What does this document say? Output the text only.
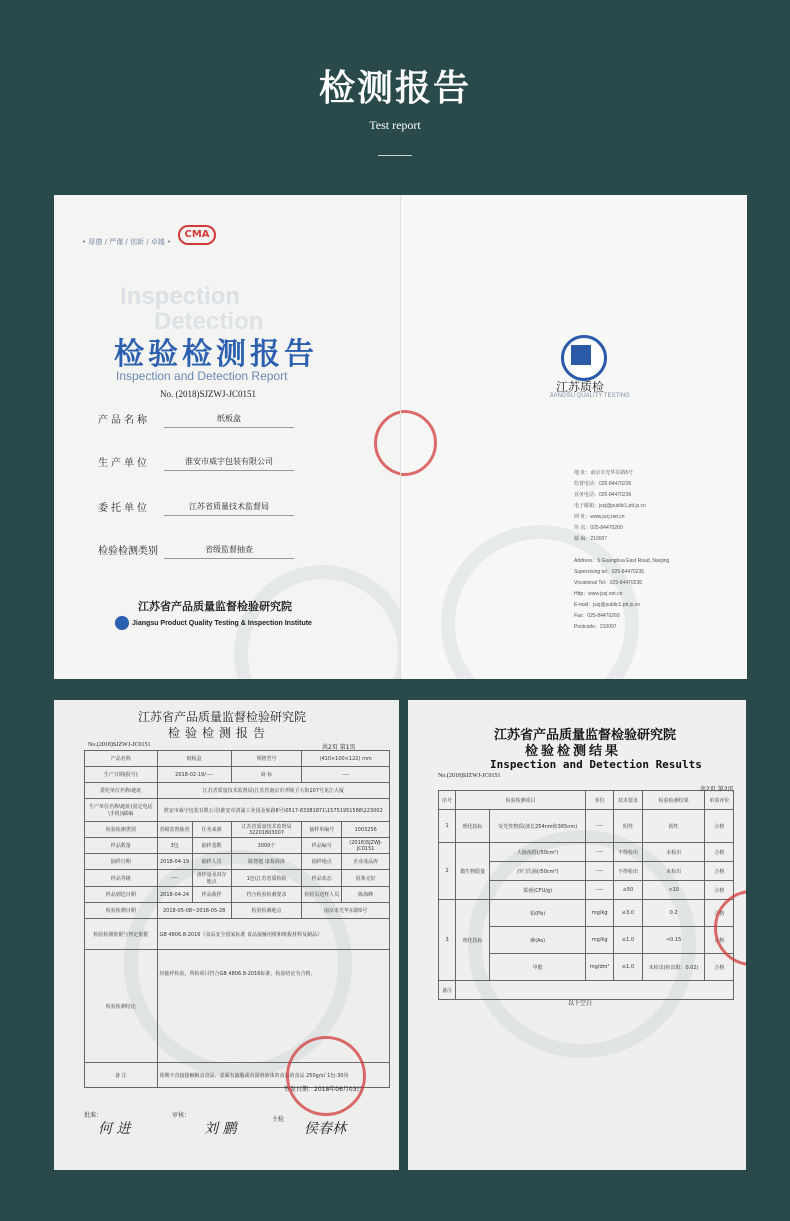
检测报告
Test report
• 厚德 / 严谨 / 创新 / 卓越 •
CMA
Inspection
Detection
检验检测报告
Inspection and Detection Report
No. (2018)SJZWJ-JC0151
产品名称	纸板盒
生产单位	淮安市威宇包装有限公司
委托单位	江苏省质量技术监督局
检验检测类别	省级监督抽查
江苏省产品质量监督检验研究院
Jiangsu Product Quality Testing & Inspection Institute
江苏质检
JIANGSU QUALITY TESTING
地 址：南京市光华东路5号
监督电话：025-84470235
业务电话：025-84470236
电子邮箱：jszj@public1.ptt.js.cn
网 址：www.jszj.net.cn
传 真：025-84470260
邮 编：210007
Address：5 Guanghua East Road, Nanjing
Supervising tel：025-84470235
Vocational Tel：025-84470236
Http：www.jszj.net.cn
E-mail：jszj@public1.ptt.js.cn
Fax：025-84470260
Postcode：210007
江苏省产品质量监督检验研究院
检验检测报告
No.(2018)SJZWJ-JC0151	共2页 第1页
产品名称	纸板盒		规格型号	(410×100×122) mm	
生产日期(批号)	2018-02-19/----		商 标	----	
委托单位名称\地址	江苏省质量技术监督局\江苏省南京市孝陵卫大街107号龙江大厦				
生产单位名称\地址(固定电话\手机)\邮编	淮安市威宇包装有限公司\淮安市清浦工业园金象路8号\0517-83381871\15751951588\223002				
检验检测类别	省级监督抽查	任务来源	江苏省质量技术监督局 32201803007	抽样单编号	1003256
样品数量	3包	抽样基数	3000个	样品编号	(2018)SJZWJ-JC0151
抽样日期	2018-04-19	抽样人员	陈智超 诸葛海涛	抽样地点	企业成品库
样品等级	----	备样量及封存地点	1包\江苏省质检院	样品状态	封条完好
样品到达日期	2018-04-24	样品收样	符合检验检测要求	检验员送样人员	陈海峰
检验检测日期	2018-05-08~2018-05-28		检验检测地点	南京市光华东路5号	
检验检测依据与判定依据	GB 4806.8-2016《食品安全国家标准 食品接触用纸和纸板材料及制品》				
检验检测结论	经抽样检验，所检项目符合GB 4806.8-2016标准，检验结论为合格。				
备 注	预期不直接接触粮食食品、表面有油脂或有湿润液体的食品的食品 250g/㎡ 1包-30块				
签发日期：2018年06月03日
批准：
何 进
审核：
刘 鹏
主检
侯春林
江苏省产品质量监督检验研究院
检验检测结果
Inspection and Detection Results
No.(2018)SJZWJ-JC0151
共2页 第2页
序号	检验检测项目		单位	技术要求	检验检测结果	单项评价
1	理化指标	荧光性物质(波长254nm和365nm)	----	阴性	阴性	合格
2	微生物限量	大肠菌群(/50cm²)	----	不得检出	未检出	合格
		沙门氏菌(/50cm²)	----	不得检出	未检出	合格
		霉菌(CFU/g)	----	≤50	<10	合格
3	理化指标	铅(Pb)	mg/kg	≤3.0	0.2	合格
		砷(As)	mg/kg	≤1.0	<0.15	合格
		甲醛	mg/dm²	≤1.0	未检出(检出限：0.02)	合格
备注						
以下空白
